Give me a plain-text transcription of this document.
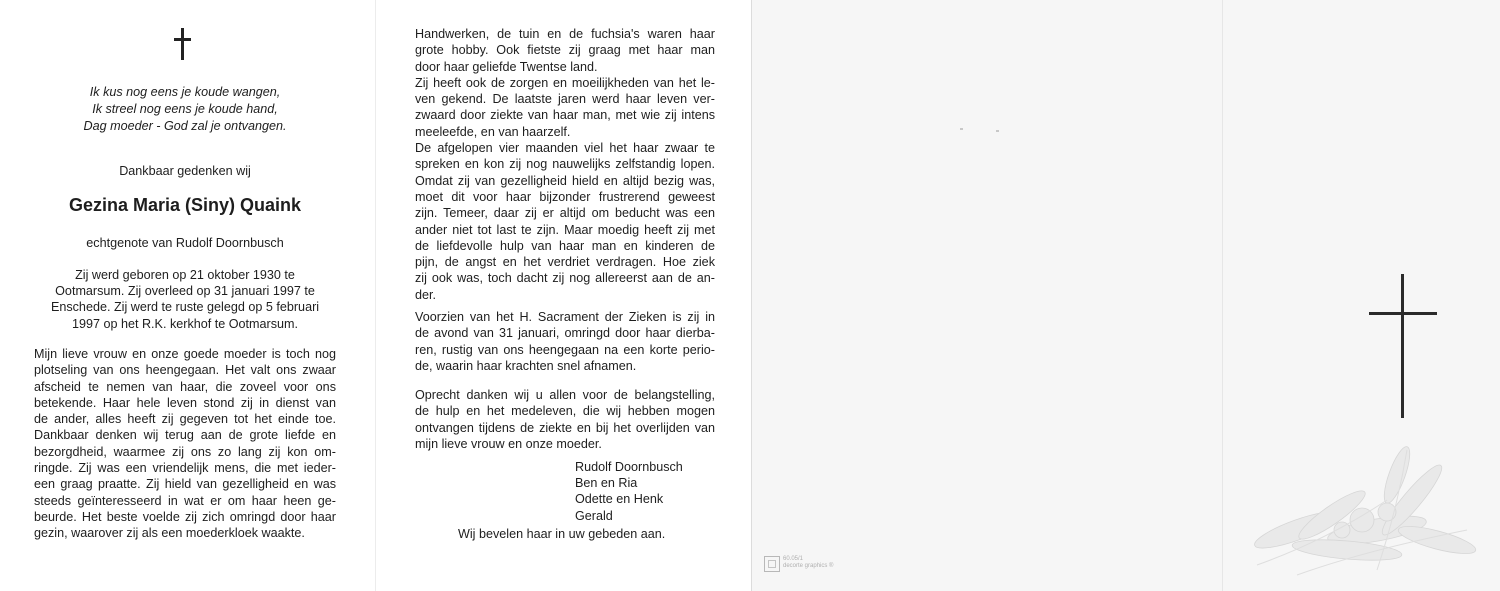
Ik kus nog eens je koude wangen,
Ik streel nog eens je koude hand,
Dag moeder - God zal je ontvangen.
Dankbaar gedenken wij
Gezina Maria (Siny) Quaink
echtgenote van Rudolf Doornbusch
Zij werd geboren op 21 oktober 1930 te
Ootmarsum. Zij overleed op 31 januari 1997 te
Enschede. Zij werd te ruste gelegd op 5 februari
1997 op het R.K. kerkhof te Ootmarsum.
Mijn lieve vrouw en onze goede moeder is toch nog
plotseling van ons heengegaan. Het valt ons zwaar
afscheid te nemen van haar, die zoveel voor ons
betekende. Haar hele leven stond zij in dienst van
de ander, alles heeft zij gegeven tot het einde toe.
Dankbaar denken wij terug aan de grote liefde en
bezorgdheid, waarmee zij ons zo lang zij kon om-
ringde. Zij was een vriendelijk mens, die met ieder-
een graag praatte. Zij hield van gezelligheid en was
steeds geïnteresseerd in wat er om haar heen ge-
beurde. Het beste voelde zij zich omringd door haar
gezin, waarover zij als een moederkloek waakte.
Handwerken, de tuin en de fuchsia's waren haar
grote hobby. Ook fietste zij graag met haar man
door haar geliefde Twentse land.
Zij heeft ook de zorgen en moeilijkheden van het le-
ven gekend. De laatste jaren werd haar leven ver-
zwaard door ziekte van haar man, met wie zij intens
meeleefde, en van haarzelf.
De afgelopen vier maanden viel het haar zwaar te
spreken en kon zij nog nauwelijks zelfstandig lopen.
Omdat zij van gezelligheid hield en altijd bezig was,
moet dit voor haar bijzonder frustrerend geweest
zijn. Temeer, daar zij er altijd om beducht was een
ander niet tot last te zijn. Maar moedig heeft zij met
de liefdevolle hulp van haar man en kinderen de
pijn, de angst en het verdriet verdragen. Hoe ziek
zij ook was, toch dacht zij nog allereerst aan de an-
der.
Voorzien van het H. Sacrament der Zieken is zij in
de avond van 31 januari, omringd door haar dierba-
ren, rustig van ons heengegaan na een korte perio-
de, waarin haar krachten snel afnamen.
Oprecht danken wij u allen voor de belangstelling,
de hulp en het medeleven, die wij hebben mogen
ontvangen tijdens de ziekte en bij het overlijden van
mijn lieve vrouw en onze moeder.
Rudolf Doornbusch
Ben en Ria
Odette en Henk
Gerald
Wij bevelen haar in uw gebeden aan.
60.05/1
decorte graphics ®
